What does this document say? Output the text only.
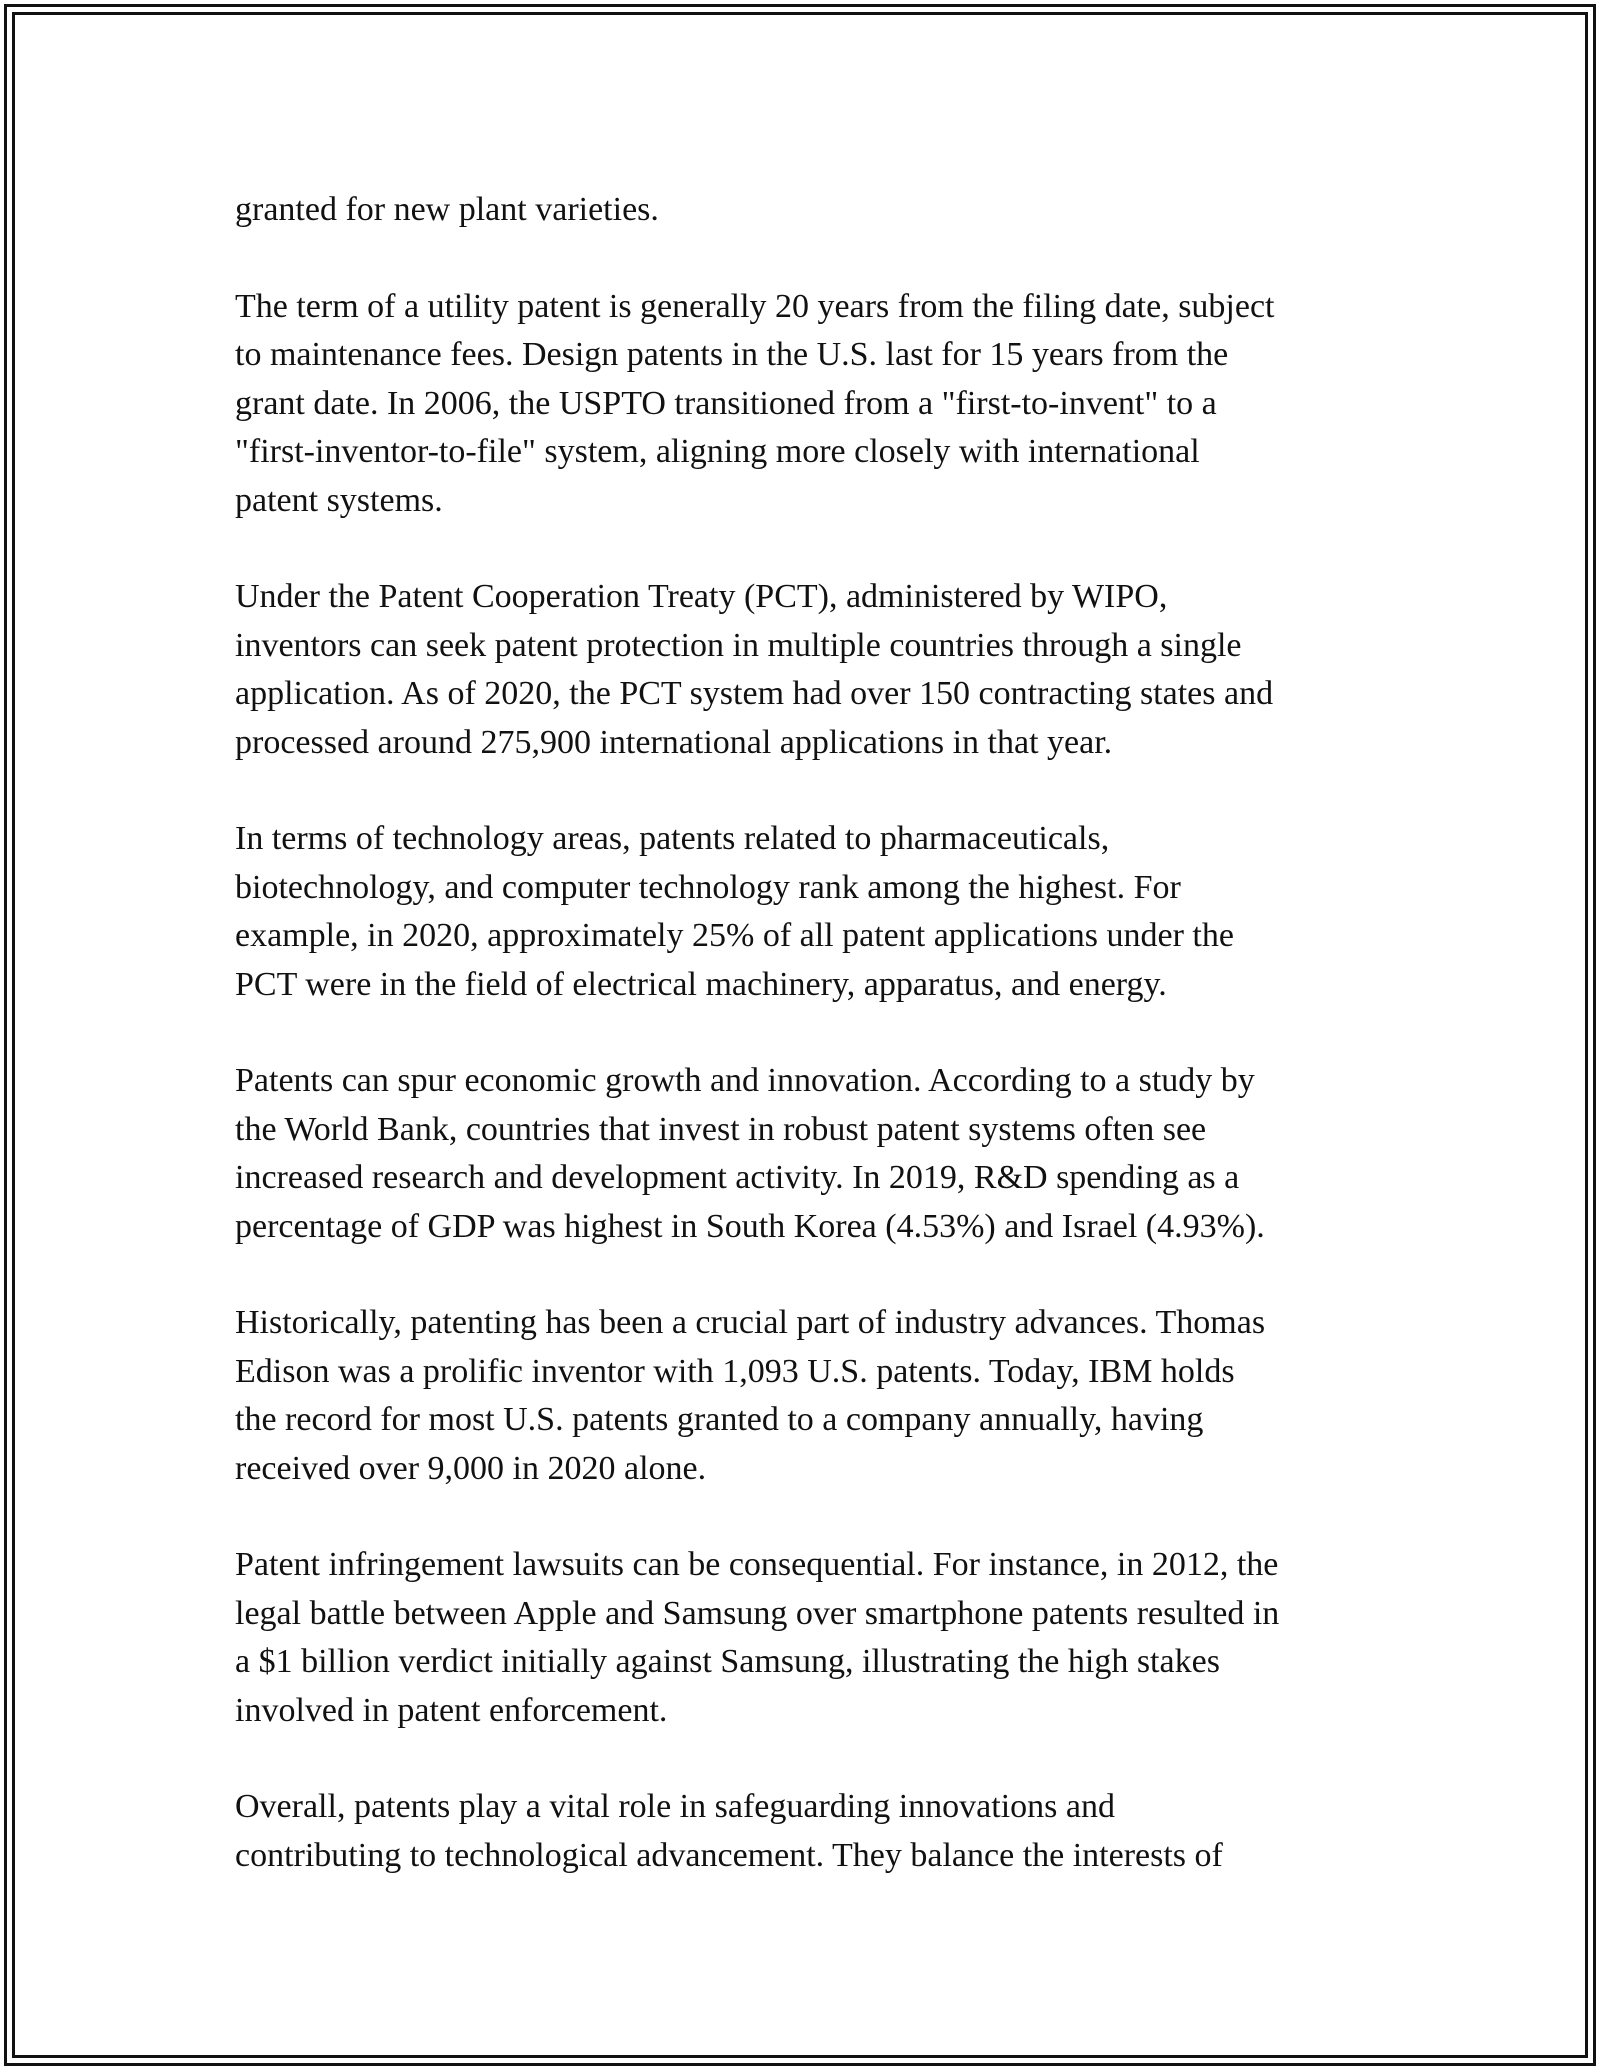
granted for new plant varieties.

The term of a utility patent is generally 20 years from the filing date, subject
to maintenance fees. Design patents in the U.S. last for 15 years from the
grant date. In 2006, the USPTO transitioned from a "first-to-invent" to a
"first-inventor-to-file" system, aligning more closely with international
patent systems.

Under the Patent Cooperation Treaty (PCT), administered by WIPO,
inventors can seek patent protection in multiple countries through a single
application. As of 2020, the PCT system had over 150 contracting states and
processed around 275,900 international applications in that year.

In terms of technology areas, patents related to pharmaceuticals,
biotechnology, and computer technology rank among the highest. For
example, in 2020, approximately 25% of all patent applications under the
PCT were in the field of electrical machinery, apparatus, and energy.

Patents can spur economic growth and innovation. According to a study by
the World Bank, countries that invest in robust patent systems often see
increased research and development activity. In 2019, R&D spending as a
percentage of GDP was highest in South Korea (4.53%) and Israel (4.93%).

Historically, patenting has been a crucial part of industry advances. Thomas
Edison was a prolific inventor with 1,093 U.S. patents. Today, IBM holds
the record for most U.S. patents granted to a company annually, having
received over 9,000 in 2020 alone.

Patent infringement lawsuits can be consequential. For instance, in 2012, the
legal battle between Apple and Samsung over smartphone patents resulted in
a $1 billion verdict initially against Samsung, illustrating the high stakes
involved in patent enforcement.

Overall, patents play a vital role in safeguarding innovations and
contributing to technological advancement. They balance the interests of
